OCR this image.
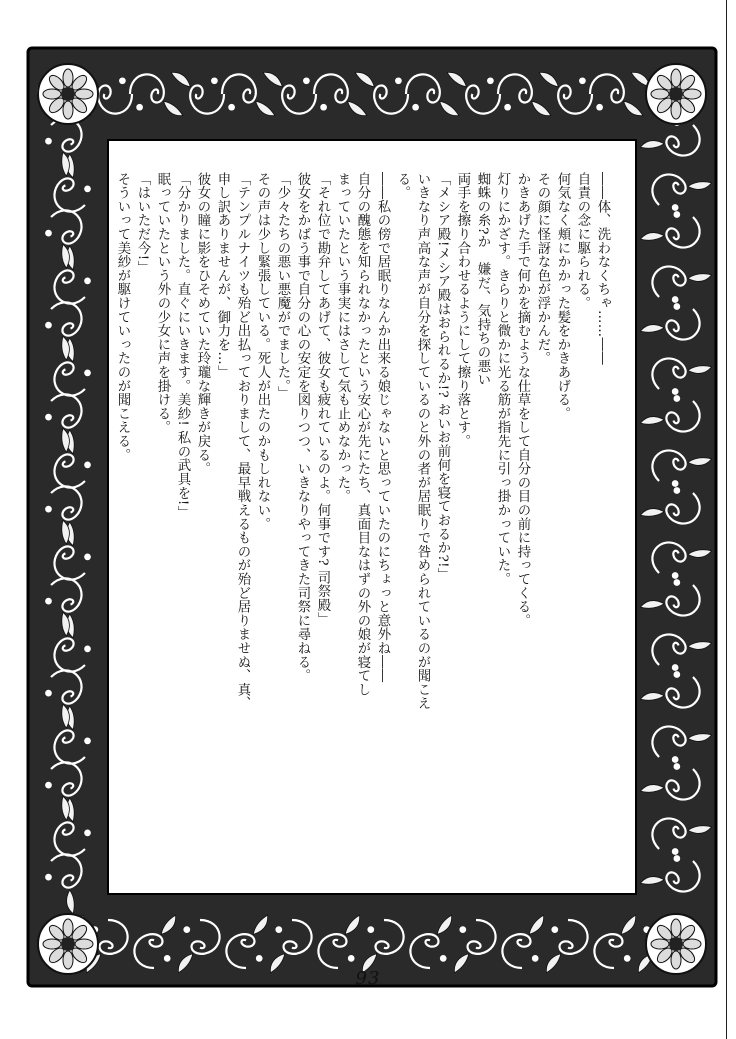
――体、洗わなくちゃ……――
自責の念に駆られる。
何気なく頬にかかった髪をかきあげる。
その顔に怪訝な色が浮かんだ。
かきあげた手で何かを摘むような仕草をして自分の目の前に持ってくる。
灯りにかざす。きらりと微かに光る筋が指先に引っ掛かっていた。
蜘蛛の糸?か　嫌だ、気持ちの悪い
両手を擦り合わせるようにして擦り落とす。
「メシア殿!メシア殿はおられるか!? おいお前何を寝ておるか?!」
いきなり声高な声が自分を探しているのと外の者が居眠りで咎められているのが聞こえ
る。
――私の傍で居眠りなんか出来る娘じゃないと思っていたのにちょっと意外ね――
自分の醜態を知られなかったという安心が先にたち、真面目なはずの外の娘が寝てし
まっていたという事実にはさして気も止めなかった。
「それ位で勘弁してあげて、彼女も疲れているのよ。何事です? 司祭殿」
彼女をかばう事で自分の心の安定を図りつつ、いきなりやってきた司祭に尋ねる。
「少々たちの悪い悪魔がでました。」
その声は少し緊張している。死人が出たのかもしれない。
「テンプルナイツも殆ど出払っておりまして、最早戦えるものが殆ど居りませぬ、真、
申し訳ありませんが、御力を…」
彼女の瞳に影をひそめていた玲瓏な輝きが戻る。
「分かりました。直ぐにいきます。美紗! 私の武具を!」
眠っていたという外の少女に声を掛ける。
「はいただ今!」
そういって美紗が駆けていったのが聞こえる。
93
